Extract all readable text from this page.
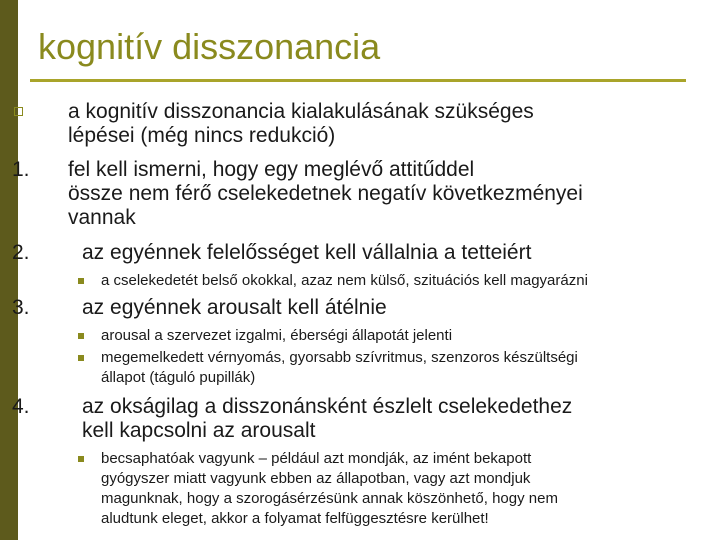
kognitív disszonancia
a kognitív disszonancia kialakulásának szükséges
lépései (még nincs redukció)
1. fel kell ismerni, hogy egy meglévő attitűddel
össze nem férő cselekedetnek negatív következményei
vannak
2. az egyénnek felelősséget kell vállalnia a tetteiért
a cselekedetét belső okokkal, azaz nem külső, szituációs kell magyarázni
3. az egyénnek arousalt kell átélnie
arousal a szervezet izgalmi, éberségi állapotát jelenti
megemelkedett vérnyomás, gyorsabb szívritmus, szenzoros készültségi
állapot (táguló pupillák)
4. az okságilag a disszonánsként észlelt cselekedethez
kell kapcsolni az arousalt
becsaphatóak vagyunk – például azt mondják, az imént bekapott
gyógyszer miatt vagyunk ebben az állapotban, vagy azt mondjuk
magunknak, hogy a szorogásérzésünk annak köszönhető, hogy nem
aludtunk eleget, akkor a folyamat felfüggesztésre kerülhet!
